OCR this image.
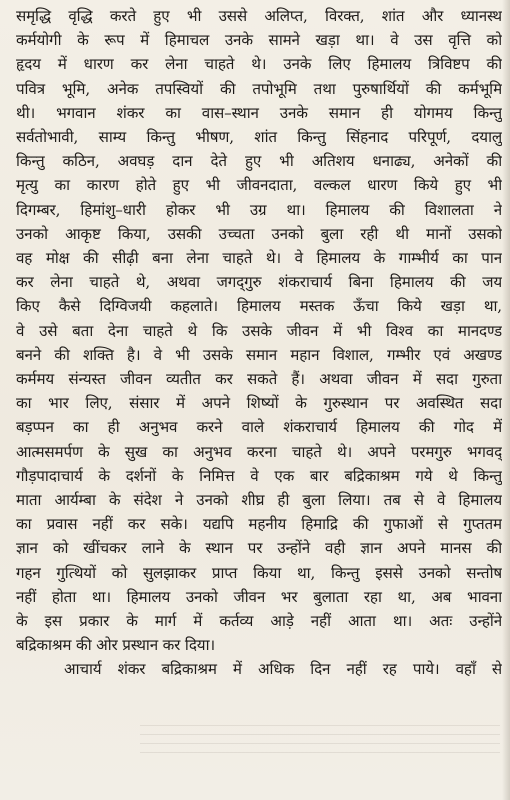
समृद्धि वृद्धि करते हुए भी उससे अलिप्त, विरक्त, शांत और ध्यानस्थ
कर्मयोगी के रूप में हिमाचल उनके सामने खड़ा था। वे उस वृत्ति को
हृदय में धारण कर लेना चाहते थे। उनके लिए हिमालय त्रिविष्टप की
पवित्र भूमि, अनेक तपस्वियों की तपोभूमि तथा पुरुषार्थियों की कर्मभूमि
थी। भगवान शंकर का वास–स्थान उनके समान ही योगमय किन्तु
सर्वतोभावी, साम्य किन्तु भीषण, शांत किन्तु सिंहनाद परिपूर्ण, दयालु
किन्तु कठिन, अवघड़ दान देते हुए भी अतिशय धनाढ्य, अनेकों की
मृत्यु का कारण होते हुए भी जीवनदाता, वल्कल धारण किये हुए भी
दिगम्बर, हिमांशु–धारी होकर भी उग्र था। हिमालय की विशालता ने
उनको आकृष्ट किया, उसकी उच्चता उनको बुला रही थी मानों उसको
वह मोक्ष की सीढ़ी बना लेना चाहते थे। वे हिमालय के गाम्भीर्य का पान
कर लेना चाहते थे, अथवा जगद्‌गुरु शंकराचार्य बिना हिमालय की जय
किए कैसे दिग्विजयी कहलाते। हिमालय मस्तक ऊँचा किये खड़ा था,
वे उसे बता देना चाहते थे कि उसके जीवन में भी विश्व का मानदण्ड
बनने की शक्ति है। वे भी उसके समान महान विशाल, गम्भीर एवं अखण्ड
कर्ममय संन्यस्त जीवन व्यतीत कर सकते हैं। अथवा जीवन में सदा गुरुता
का भार लिए, संसार में अपने शिष्यों के गुरुस्थान पर अवस्थित सदा
बड़प्पन का ही अनुभव करने वाले शंकराचार्य हिमालय की गोद में
आत्मसमर्पण के सुख का अनुभव करना चाहते थे। अपने परमगुरु भगवद्
गौड़पादाचार्य के दर्शनों के निमित्त वे एक बार बद्रिकाश्रम गये थे किन्तु
माता आर्यम्बा के संदेश ने उनको शीघ्र ही बुला लिया। तब से वे हिमालय
का प्रवास नहीं कर सके। यद्यपि महनीय हिमाद्रि की गुफाओं से गुप्ततम
ज्ञान को खींचकर लाने के स्थान पर उन्होंने वही ज्ञान अपने मानस की
गहन गुत्थियों को सुलझाकर प्राप्त किया था, किन्तु इससे उनको सन्तोष
नहीं होता था। हिमालय उनको जीवन भर बुलाता रहा था, अब भावना
के इस प्रकार के मार्ग में कर्तव्य आड़े नहीं आता था। अतः उन्होंने
बद्रिकाश्रम की ओर प्रस्थान कर दिया।
आचार्य शंकर बद्रिकाश्रम में अधिक दिन नहीं रह पाये। वहाँ से
